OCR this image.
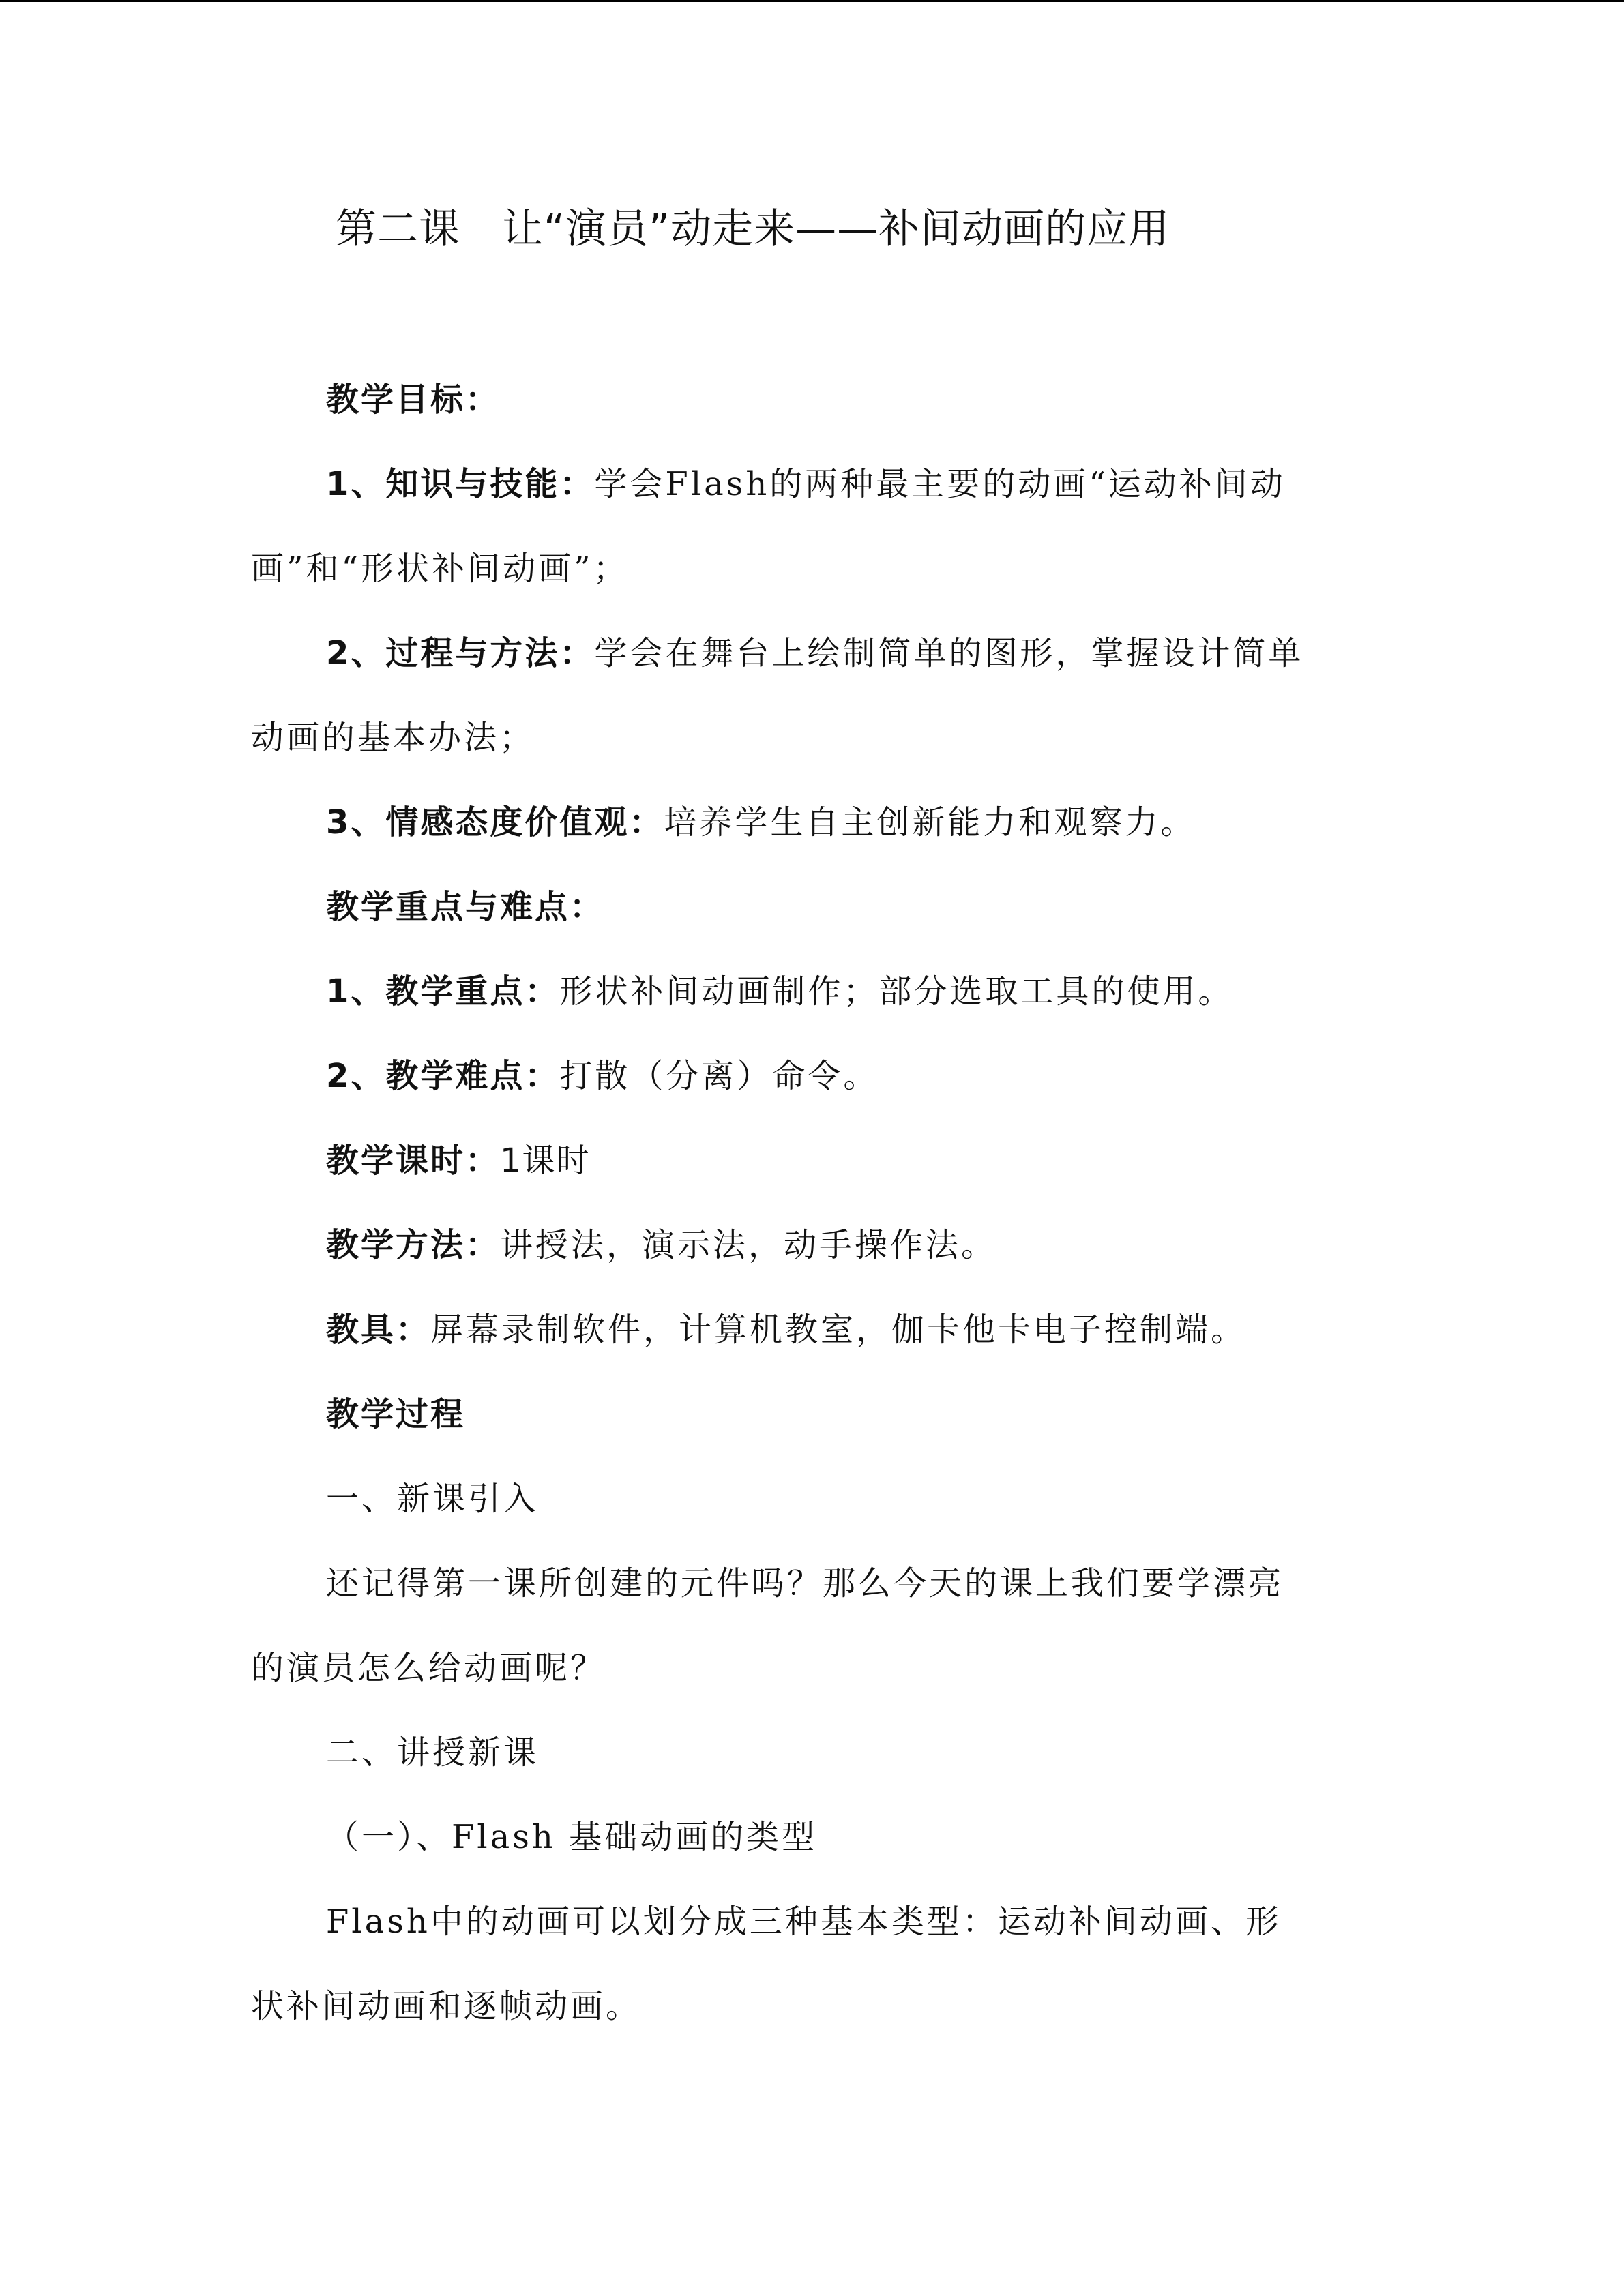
第二课　让“演员”动走来——补间动画的应用
教学目标：
1、知识与技能：学会Flash的两种最主要的动画“运动补间动
画”和“形状补间动画”；
2、过程与方法：学会在舞台上绘制简单的图形，掌握设计简单
动画的基本办法；
3、情感态度价值观：培养学生自主创新能力和观察力。
教学重点与难点：
1、教学重点：形状补间动画制作；部分选取工具的使用。
2、教学难点：打散（分离）命令。
教学课时：1课时
教学方法：讲授法，演示法，动手操作法。
教具：屏幕录制软件，计算机教室，伽卡他卡电子控制端。
教学过程
一、新课引入
还记得第一课所创建的元件吗？那么今天的课上我们要学漂亮
的演员怎么给动画呢？
二、讲授新课
（一）、Flash 基础动画的类型
Flash中的动画可以划分成三种基本类型：运动补间动画、形
状补间动画和逐帧动画。
